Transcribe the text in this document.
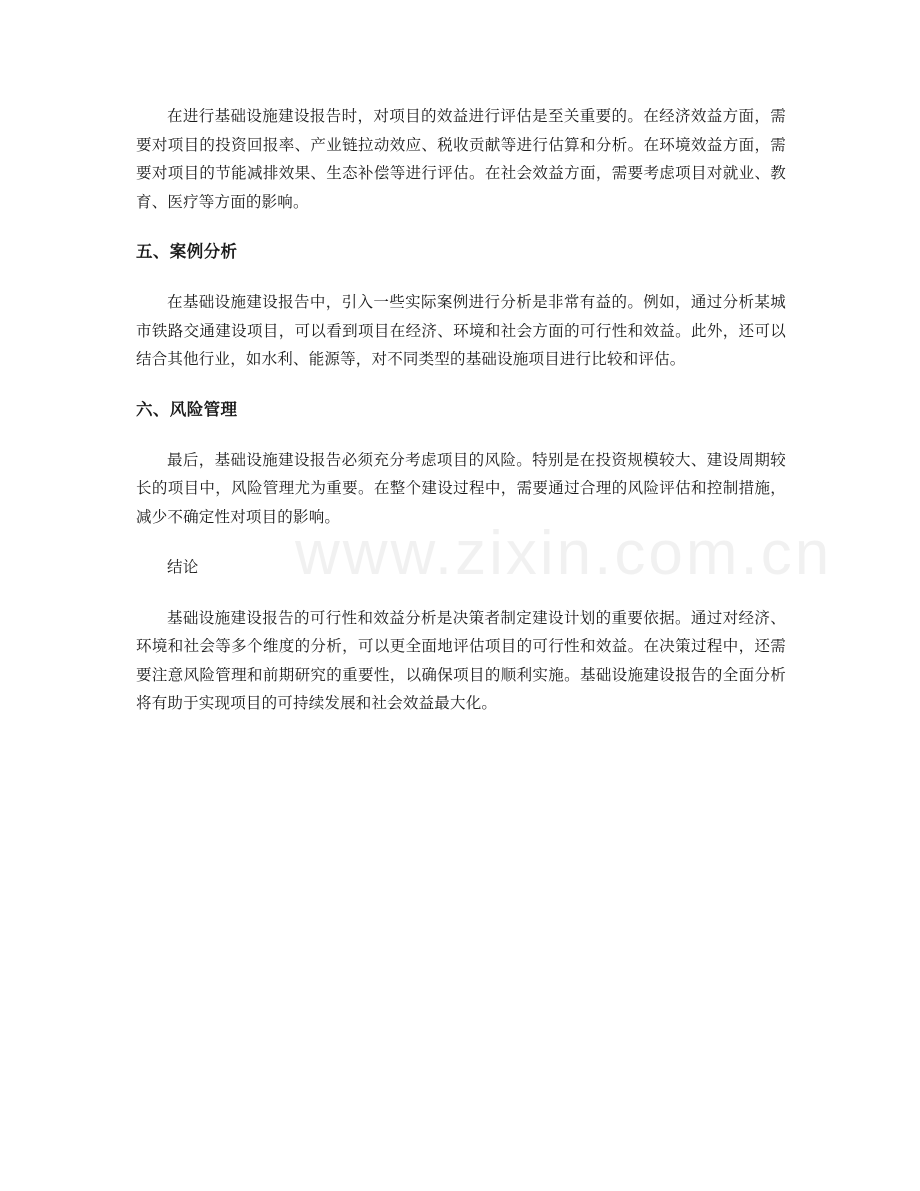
在进行基础设施建设报告时，对项目的效益进行评估是至关重要的。在经济效益方面，需要对项目的投资回报率、产业链拉动效应、税收贡献等进行估算和分析。在环境效益方面，需要对项目的节能减排效果、生态补偿等进行评估。在社会效益方面，需要考虑项目对就业、教育、医疗等方面的影响。

五、案例分析

在基础设施建设报告中，引入一些实际案例进行分析是非常有益的。例如，通过分析某城市铁路交通建设项目，可以看到项目在经济、环境和社会方面的可行性和效益。此外，还可以结合其他行业，如水利、能源等，对不同类型的基础设施项目进行比较和评估。

六、风险管理

最后，基础设施建设报告必须充分考虑项目的风险。特别是在投资规模较大、建设周期较长的项目中，风险管理尤为重要。在整个建设过程中，需要通过合理的风险评估和控制措施，减少不确定性对项目的影响。

结论

基础设施建设报告的可行性和效益分析是决策者制定建设计划的重要依据。通过对经济、环境和社会等多个维度的分析，可以更全面地评估项目的可行性和效益。在决策过程中，还需要注意风险管理和前期研究的重要性，以确保项目的顺利实施。基础设施建设报告的全面分析将有助于实现项目的可持续发展和社会效益最大化。

www.zixin.com.cn
